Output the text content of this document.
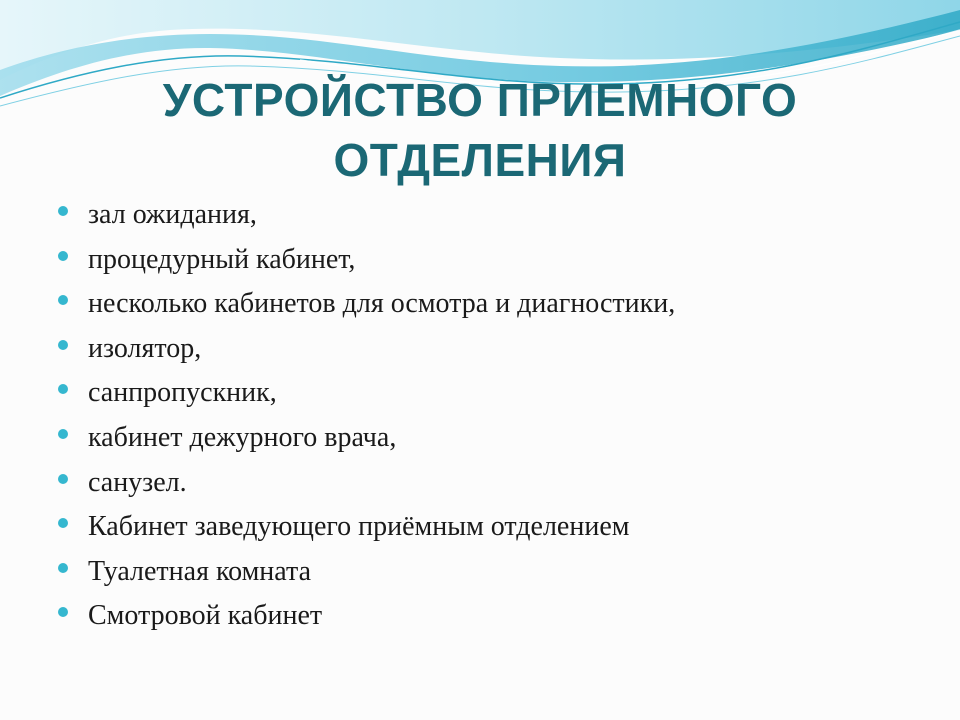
УСТРОЙСТВО ПРИЕМНОГО
ОТДЕЛЕНИЯ
зал ожидания,
процедурный кабинет,
несколько кабинетов для осмотра и диагностики,
изолятор,
санпропускник,
кабинет дежурного врача,
санузел.
Кабинет заведующего приёмным отделением
Туалетная комната
Смотровой кабинет
